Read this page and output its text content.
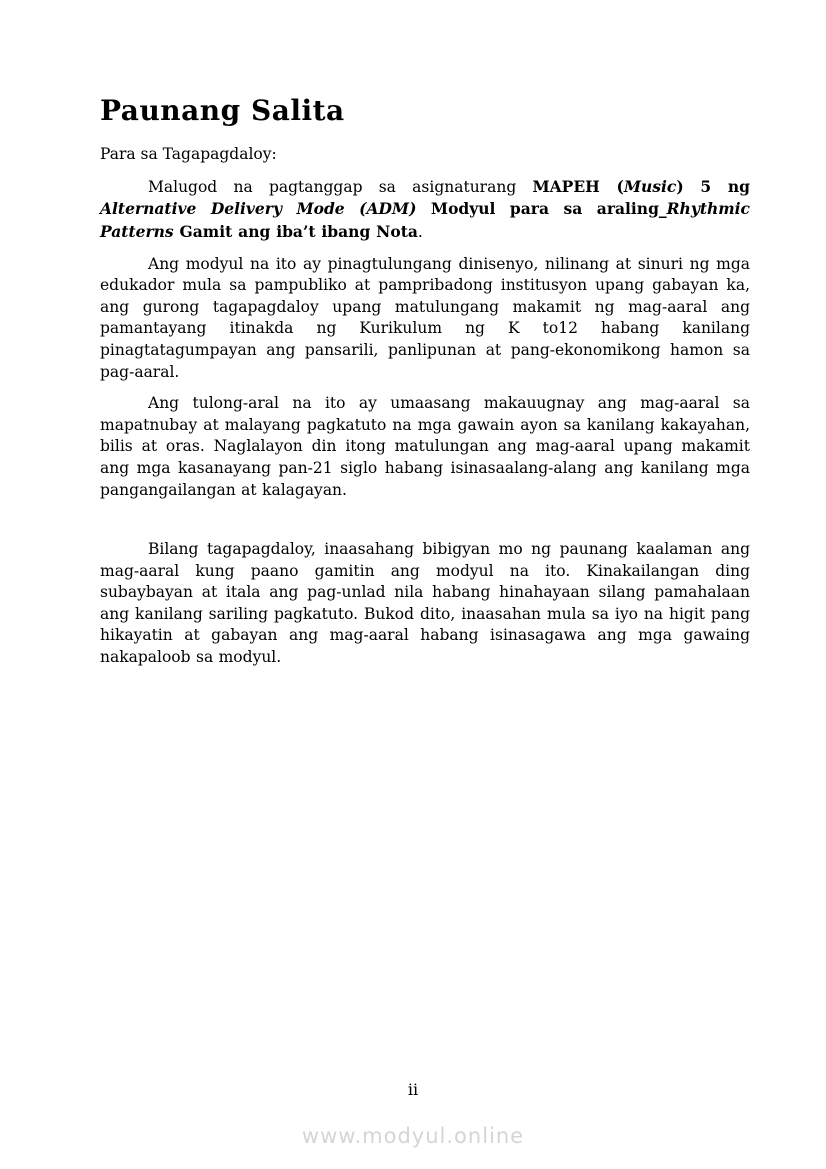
Paunang Salita

Para sa Tagapagdaloy:

Malugod na pagtanggap sa asignaturang MAPEH (Music) 5 ng Alternative Delivery Mode (ADM) Modyul para sa araling_Rhythmic Patterns Gamit ang iba’t ibang Nota.

Ang modyul na ito ay pinagtulungang dinisenyo, nilinang at sinuri ng mga edukador mula sa pampubliko at pampribadong institusyon upang gabayan ka, ang gurong tagapagdaloy upang matulungang makamit ng mag-aaral ang pamantayang itinakda ng Kurikulum ng K to12 habang kanilang pinagtatagumpayan ang pansarili, panlipunan at pang-ekonomikong hamon sa pag-aaral.

Ang tulong-aral na ito ay umaasang makauugnay ang mag-aaral sa mapatnubay at malayang pagkatuto na mga gawain ayon sa kanilang kakayahan, bilis at oras. Naglalayon din itong matulungan ang mag-aaral upang makamit ang mga kasanayang pan-21 siglo habang isinasaalang-alang ang kanilang mga pangangailangan at kalagayan.

Bilang tagapagdaloy, inaasahang bibigyan mo ng paunang kaalaman ang mag-aaral kung paano gamitin ang modyul na ito. Kinakailangan ding subaybayan at itala ang pag-unlad nila habang hinahayaan silang pamahalaan ang kanilang sariling pagkatuto. Bukod dito, inaasahan mula sa iyo na higit pang hikayatin at gabayan ang mag-aaral habang isinasagawa ang mga gawaing nakapaloob sa modyul.

ii
www.modyul.online
